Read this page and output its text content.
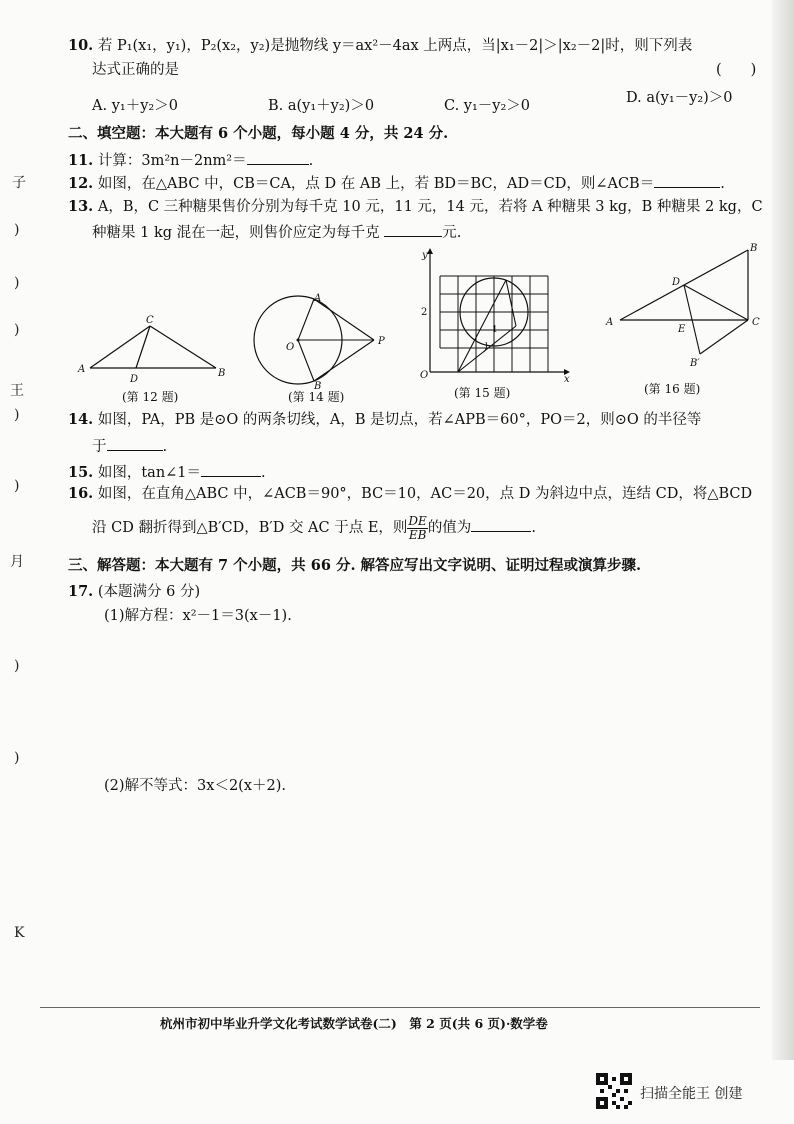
子
)
)
)
王
)
)
月
)
)
K
10. 若 P₁(x₁，y₁)，P₂(x₂，y₂)是抛物线 y＝ax²－4ax 上两点，当|x₁－2|＞|x₂－2|时，则下列表
达式正确的是	(　　)
A. y₁＋y₂＞0	B. a(y₁＋y₂)＞0	C. y₁－y₂＞0	D. a(y₁－y₂)＞0
二、填空题：本大题有 6 个小题，每小题 4 分，共 24 分.
11. 计算：3m²n－2nm²＝	.
12. 如图，在△ABC 中，CB＝CA，点 D 在 AB 上，若 BD＝BC，AD＝CD，则∠ACB＝	.
13. A，B，C 三种糖果售价分别为每千克 10 元，11 元，14 元，若将 A 种糖果 3 kg，B 种糖果 2 kg，C
种糖果 1 kg 混在一起，则售价应定为每千克	元.
A	B
C
D
(第 12 题)
O
A
B
P
(第 14 题)
1
y
x
O
2
(第 15 题)
A
B
C
D
E
B′
(第 16 题)
14. 如图，PA，PB 是⊙O 的两条切线，A，B 是切点，若∠APB＝60°，PO＝2，则⊙O 的半径等
于	.
15. 如图，tan∠1＝	.
16. 如图，在直角△ABC 中，∠ACB＝90°，BC＝10，AC＝20，点 D 为斜边中点，连结 CD，将△BCD
沿 CD 翻折得到△B′CD，B′D 交 AC 于点 E，则 $\frac{DE}{EB}$ 的值为	.
三、解答题：本大题有 7 个小题，共 66 分. 解答应写出文字说明、证明过程或演算步骤.
17. (本题满分 6 分)
(1)解方程：x²－1＝3(x－1).
(2)解不等式：3x＜2(x＋2).
杭州市初中毕业升学文化考试数学试卷(二)　第 2 页(共 6 页)·数学卷
扫描全能王 创建
